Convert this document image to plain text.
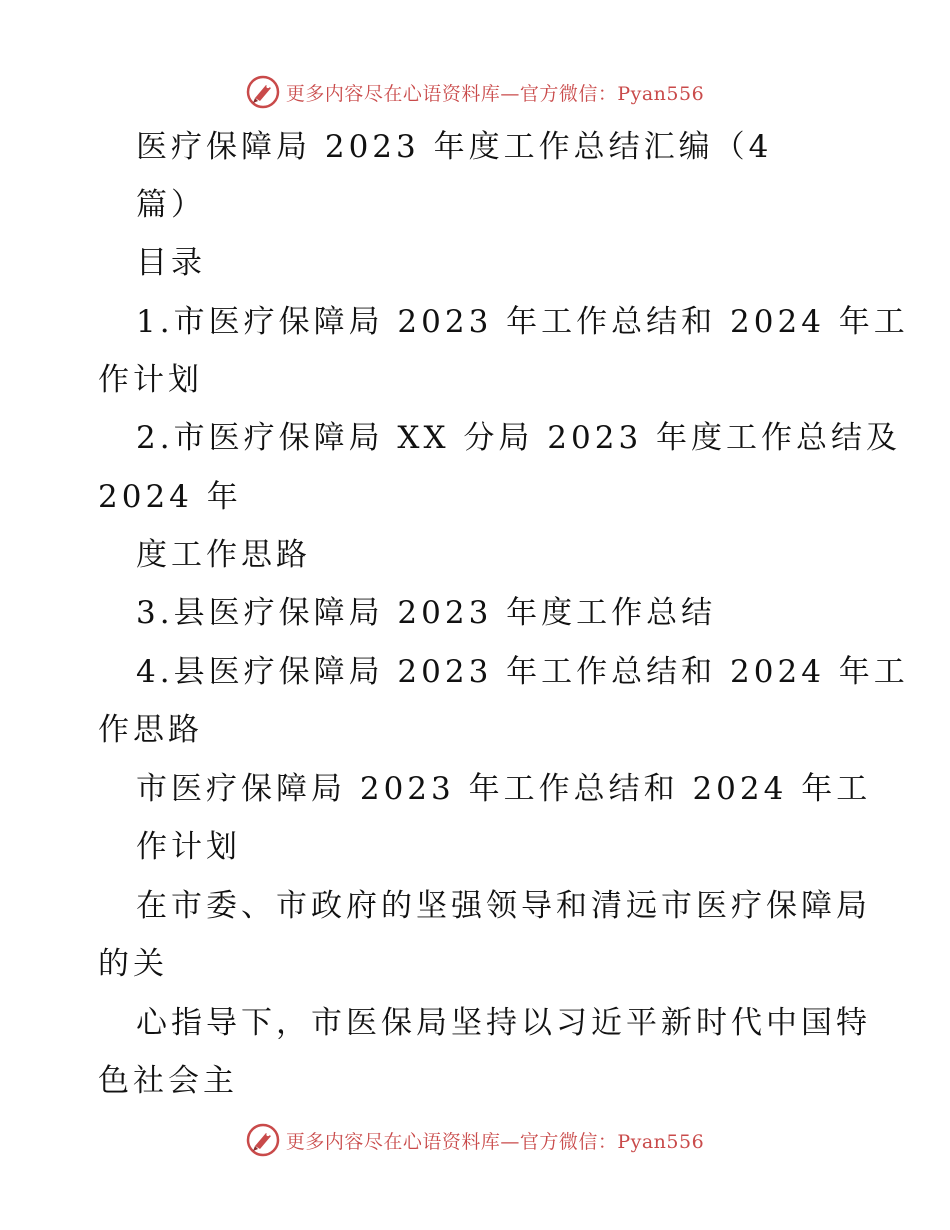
更多内容尽在心语资料库—官方微信：Pyan556
医疗保障局 2023 年度工作总结汇编（4
篇）
目录
1.市医疗保障局 2023 年工作总结和 2024 年工
作计划
2.市医疗保障局 XX 分局 2023 年度工作总结及
2024 年
度工作思路
3.县医疗保障局 2023 年度工作总结
4.县医疗保障局 2023 年工作总结和 2024 年工
作思路
市医疗保障局 2023 年工作总结和 2024 年工
作计划
在市委、市政府的坚强领导和清远市医疗保障局
的关
心指导下，市医保局坚持以习近平新时代中国特
色社会主
更多内容尽在心语资料库—官方微信：Pyan556
